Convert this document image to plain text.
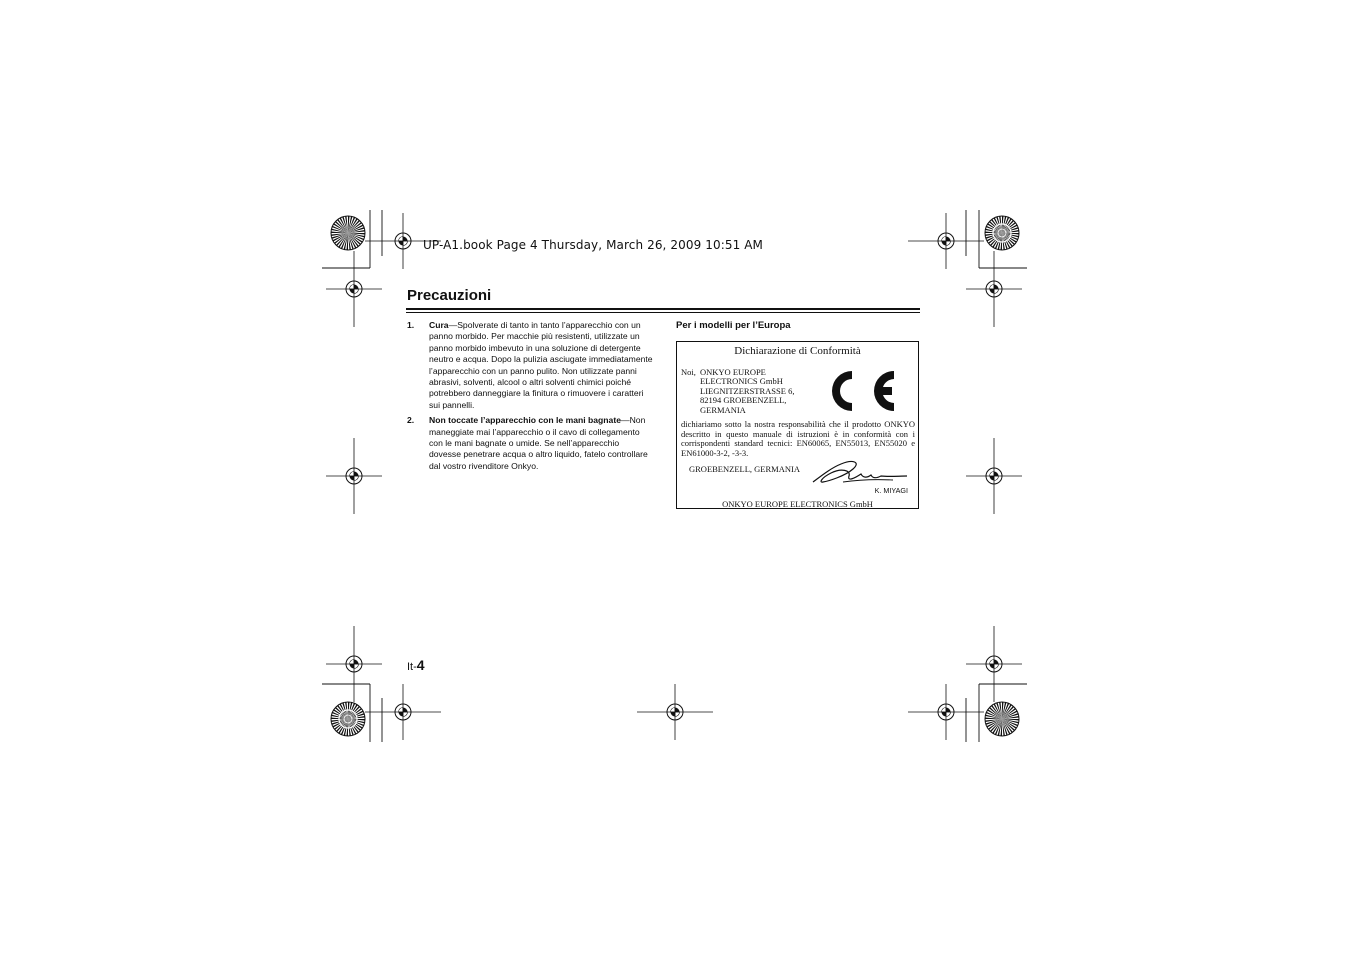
UP-A1.book Page 4 Thursday, March 26, 2009 10:51 AM
Precauzioni
1. Cura—Spolverate di tanto in tanto l’apparecchio con un panno morbido. Per macchie più resistenti, utilizzate un panno morbido imbevuto in una soluzione di detergente neutro e acqua. Dopo la pulizia asciugate immediatamente l’apparecchio con un panno pulito. Non utilizzate panni abrasivi, solventi, alcool o altri solventi chimici poiché potrebbero danneggiare la finitura o rimuovere i caratteri sui pannelli.
2. Non toccate l’apparecchio con le mani bagnate—Non maneggiate mai l’apparecchio o il cavo di collegamento con le mani bagnate o umide. Se nell’apparecchio dovesse penetrare acqua o altro liquido, fatelo controllare dal vostro rivenditore Onkyo.
Per i modelli per l’Europa
Dichiarazione di Conformità
Noi, ONKYO EUROPE
ELECTRONICS GmbH
LIEGNITZERSTRASSE 6,
82194 GROEBENZELL,
GERMANIA
dichiariamo sotto la nostra responsabilità che il prodotto ONKYO descritto in questo manuale di istruzioni è in conformità con i corrispondenti standard tecnici: EN60065, EN55013, EN55020 e EN61000-3-2, -3-3.
GROEBENZELL, GERMANIA
K. MIYAGI
ONKYO EUROPE ELECTRONICS GmbH
It-4
